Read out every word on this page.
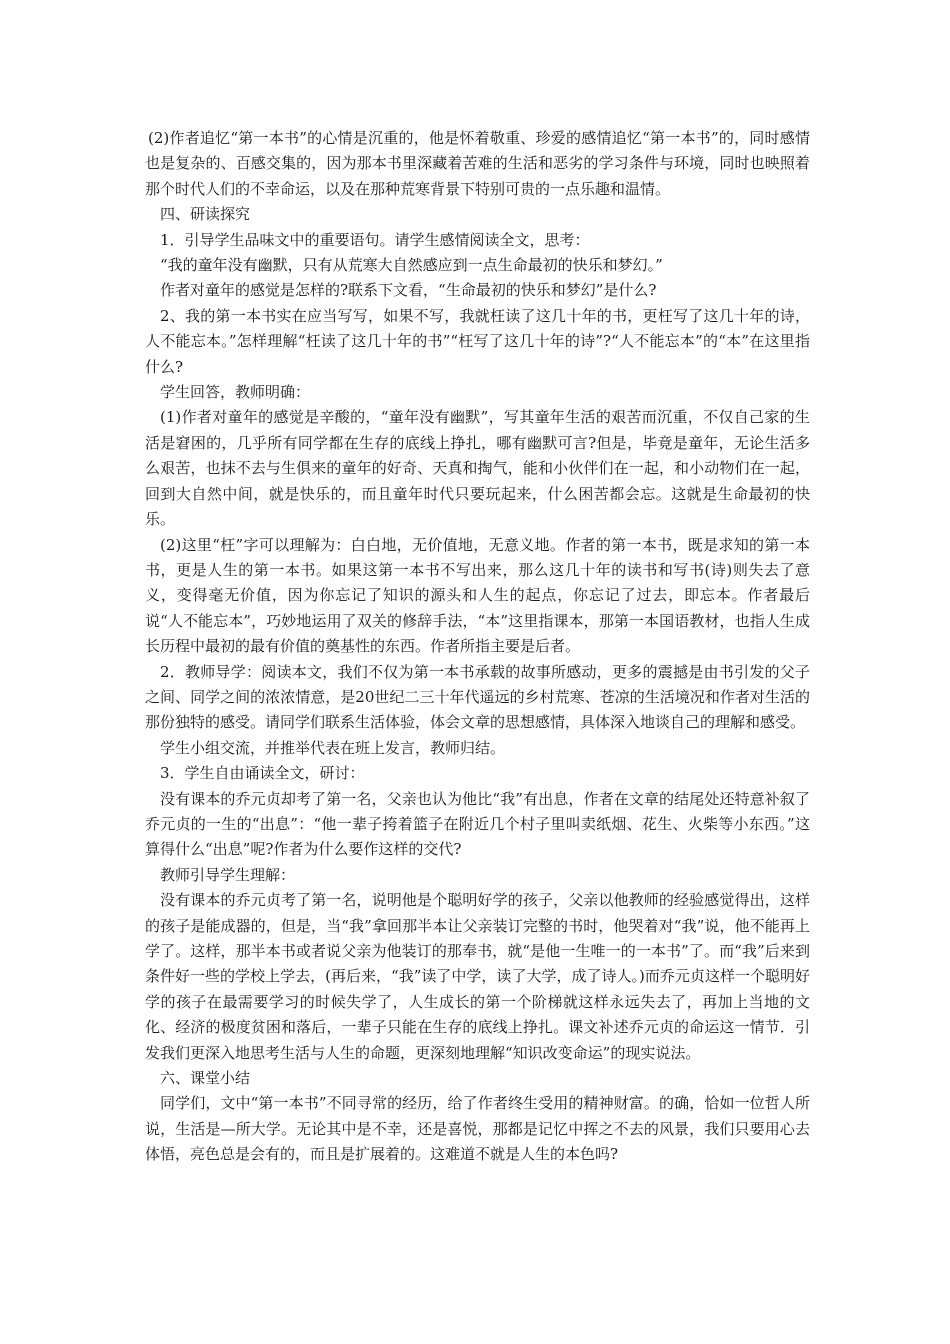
(2)作者追忆“第一本书”的心情是沉重的，他是怀着敬重、珍爱的感情追忆“第一本书”的，同时感情也是复杂的、百感交集的，因为那本书里深藏着苦难的生活和恶劣的学习条件与环境，同时也映照着那个时代人们的不幸命运，以及在那种荒寒背景下特别可贵的一点乐趣和温情。

四、研读探究

1．引导学生品味文中的重要语句。请学生感情阅读全文，思考：

“我的童年没有幽默，只有从荒寒大自然感应到一点生命最初的快乐和梦幻。”

作者对童年的感觉是怎样的?联系下文看，“生命最初的快乐和梦幻”是什么?

2、我的第一本书实在应当写写，如果不写，我就枉读了这几十年的书，更枉写了这几十年的诗，人不能忘本。”怎样理解“枉读了这几十年的书”“枉写了这几十年的诗”?“人不能忘本”的“本”在这里指什么?

学生回答，教师明确：

(1)作者对童年的感觉是辛酸的，“童年没有幽默”，写其童年生活的艰苦而沉重，不仅自己家的生活是窘困的，几乎所有同学都在生存的底线上挣扎，哪有幽默可言?但是，毕竟是童年，无论生活多么艰苦，也抹不去与生俱来的童年的好奇、天真和掏气，能和小伙伴们在一起，和小动物们在一起，回到大自然中间，就是快乐的，而且童年时代只要玩起来，什么困苦都会忘。这就是生命最初的快乐。

(2)这里“枉”字可以理解为：白白地，无价值地，无意义地。作者的第一本书，既是求知的第一本书，更是人生的第一本书。如果这第一本书不写出来，那么这几十年的读书和写书(诗)则失去了意义，变得毫无价值，因为你忘记了知识的源头和人生的起点，你忘记了过去，即忘本。作者最后说“人不能忘本”，巧妙地运用了双关的修辞手法，“本”这里指课本，那第一本国语教材，也指人生成长历程中最初的最有价值的奠基性的东西。作者所指主要是后者。

2．教师导学：阅读本文，我们不仅为第一本书承载的故事所感动，更多的震撼是由书引发的父子之间、同学之间的浓浓情意，是20世纪二三十年代遥远的乡村荒寒、苍凉的生活境况和作者对生活的那份独特的感受。请同学们联系生活体验，体会文章的思想感情，具体深入地谈自己的理解和感受。

学生小组交流，并推举代表在班上发言，教师归结。

3．学生自由诵读全文，研讨：

没有课本的乔元贞却考了第一名，父亲也认为他比“我”有出息，作者在文章的结尾处还特意补叙了乔元贞的一生的“出息”：“他一辈子挎着篮子在附近几个村子里叫卖纸烟、花生、火柴等小东西。”这算得什么“出息”呢?作者为什么要作这样的交代?

教师引导学生理解：

没有课本的乔元贞考了第一名，说明他是个聪明好学的孩子，父亲以他教师的经验感觉得出，这样的孩子是能成器的，但是，当“我”拿回那半本让父亲装订完整的书时，他哭着对“我”说，他不能再上学了。这样，那半本书或者说父亲为他装订的那奉书，就“是他一生唯一的一本书”了。而“我”后来到条件好一些的学校上学去，(再后来，“我”读了中学，读了大学，成了诗人。)而乔元贞这样一个聪明好学的孩子在最需要学习的时候失学了，人生成长的第一个阶梯就这样永远失去了，再加上当地的文化、经济的极度贫困和落后，一辈子只能在生存的底线上挣扎。课文补述乔元贞的命运这一情节．引发我们更深入地思考生活与人生的命题，更深刻地理解“知识改变命运”的现实说法。

六、课堂小结

同学们，文中“第一本书”不同寻常的经历，给了作者终生受用的精神财富。的确，恰如一位哲人所说，生活是—所大学。无论其中是不幸，还是喜悦，那都是记忆中挥之不去的风景，我们只要用心去体悟，亮色总是会有的，而且是扩展着的。这难道不就是人生的本色吗?
